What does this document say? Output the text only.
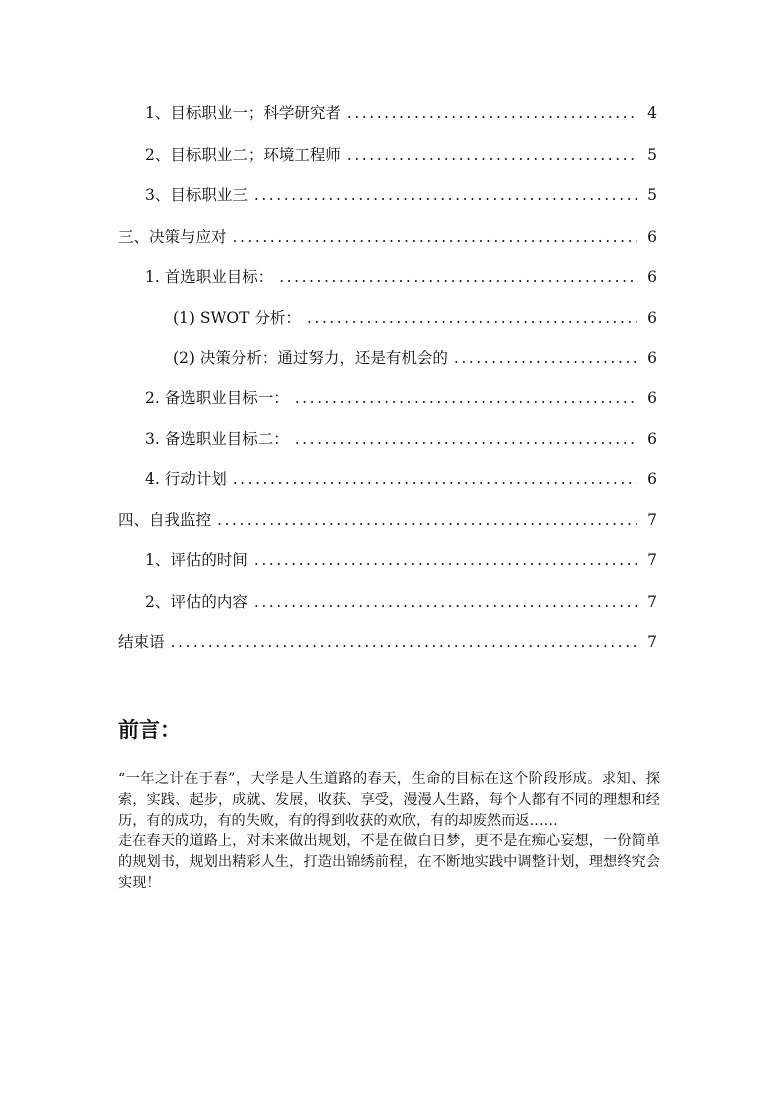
1、目标职业一；科学研究者 . . .	4
2、目标职业二；环境工程师 . . .	5
3、目标职业三 . . .	5
三、决策与应对 . . .	6
1. 首选职业目标： . . .	6
(1) SWOT 分析： . . .	6
(2) 决策分析：通过努力，还是有机会的 . . .	6
2. 备选职业目标一： . . .	6
3. 备选职业目标二： . . .	6
4. 行动计划 . . .	6
四、自我监控 . . .	7
1、评估的时间 . . .	7
2、评估的内容 . . .	7
结束语 . . .	7
前言：

“一年之计在于春”，大学是人生道路的春天，生命的目标在这个阶段形成。求知、探索，实践、起步，成就、发展，收获、享受，漫漫人生路，每个人都有不同的理想和经历，有的成功，有的失败，有的得到收获的欢欣，有的却废然而返……

走在春天的道路上，对未来做出规划，不是在做白日梦，更不是在痴心妄想，一份简单的规划书，规划出精彩人生，打造出锦绣前程，在不断地实践中调整计划，理想终究会实现！
